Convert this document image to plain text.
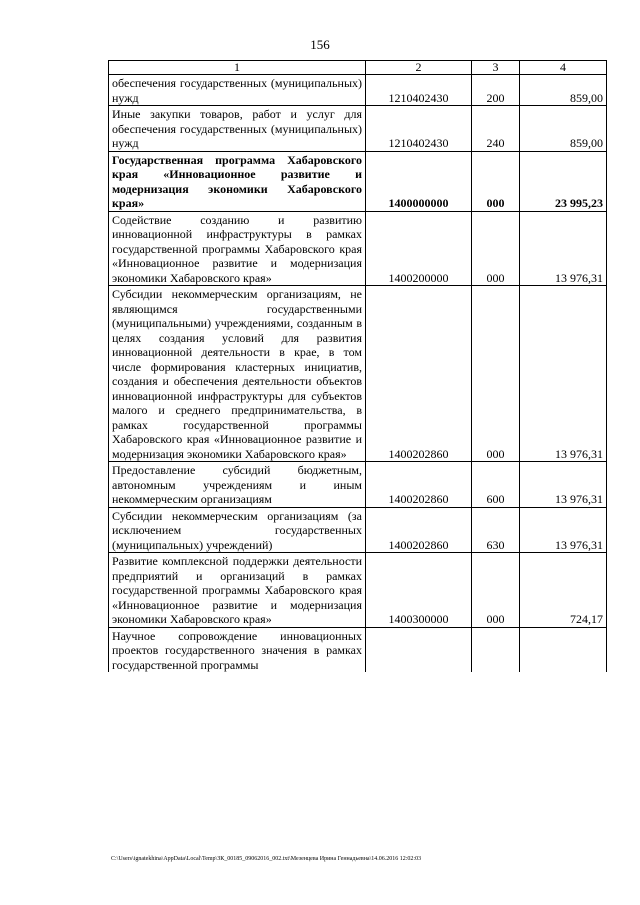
156
1	2	3	4
обеспечения государственных (муниципальных) нужд	1210402430	200	859,00
Иные закупки товаров, работ и услуг для обеспечения государственных (муниципальных) нужд	1210402430	240	859,00
Государственная программа Хабаровского края «Инновационное развитие и модернизация экономики Хабаровского края»	1400000000	000	23 995,23
Содействие созданию и развитию инновационной инфраструктуры в рамках государственной программы Хабаровского края «Инновационное развитие и модернизация экономики Хабаровского края»	1400200000	000	13 976,31
Субсидии некоммерческим организациям, не являющимся государственными (муниципальными) учреждениями, созданным в целях создания условий для развития инновационной деятельности в крае, в том числе формирования кластерных инициатив, создания и обеспечения деятельности объектов инновационной инфраструктуры для субъектов малого и среднего предпринимательства, в рамках государственной программы Хабаровского края «Инновационное развитие и модернизация экономики Хабаровского края»	1400202860	000	13 976,31
Предоставление субсидий бюджетным, автономным учреждениям и иным некоммерческим организациям	1400202860	600	13 976,31
Субсидии некоммерческим организациям (за исключением государственных (муниципальных) учреждений)	1400202860	630	13 976,31
Развитие комплексной поддержки деятельности предприятий и организаций в рамках государственной программы Хабаровского края «Инновационное развитие и модернизация экономики Хабаровского края»	1400300000	000	724,17
Научное сопровождение инновационных проектов государственного значения в рамках государственной программы			
C:\Users\ignatekhina\AppData\Local\Temp\ЗК_00185_09062016_002.txt\Мезенцева Ирина Геннадьевна\14.06.2016 12:02:03
